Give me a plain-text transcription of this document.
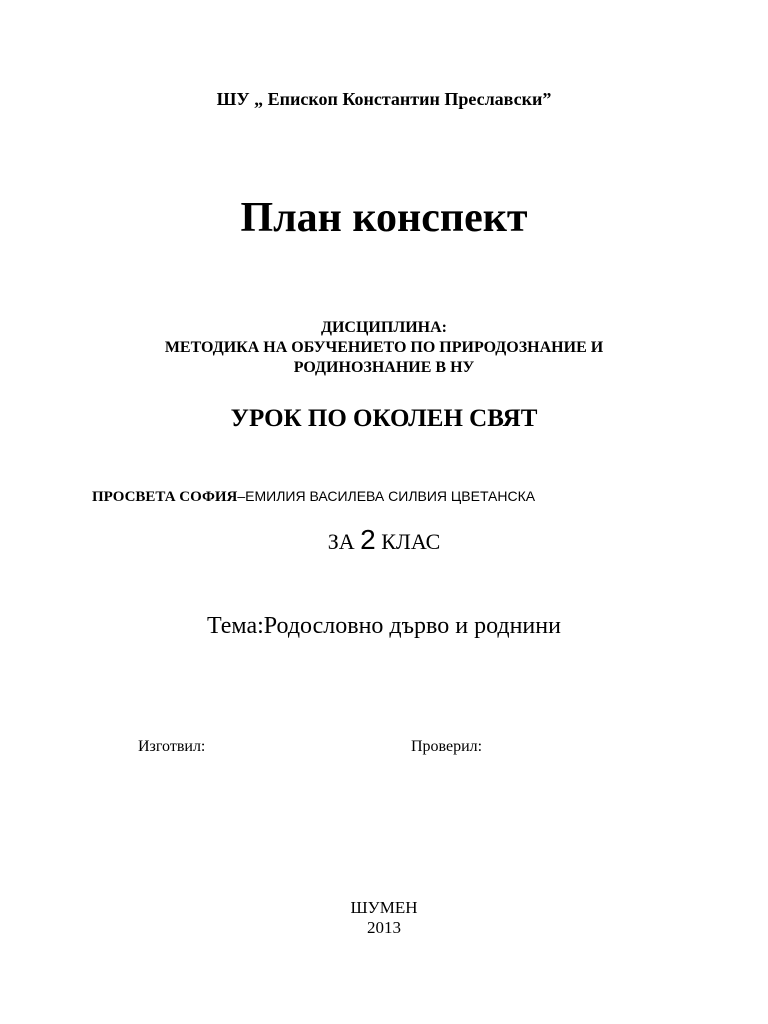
ШУ „ Епископ Константин Преславски”

План конспект
ДИСЦИПЛИНА:
МЕТОДИКА НА ОБУЧЕНИЕТО ПО ПРИРОДОЗНАНИЕ И
РОДИНОЗНАНИЕ В НУ
УРОК ПО ОКОЛЕН СВЯТ

ПРОСВЕТА СОФИЯ–ЕМИЛИЯ ВАСИЛЕВА СИЛВИЯ ЦВЕТАНСКА

ЗА 2 КЛАС

Тема:Родословно дърво и роднини

Изготвил:	Проверил:

ШУМЕН

2013
